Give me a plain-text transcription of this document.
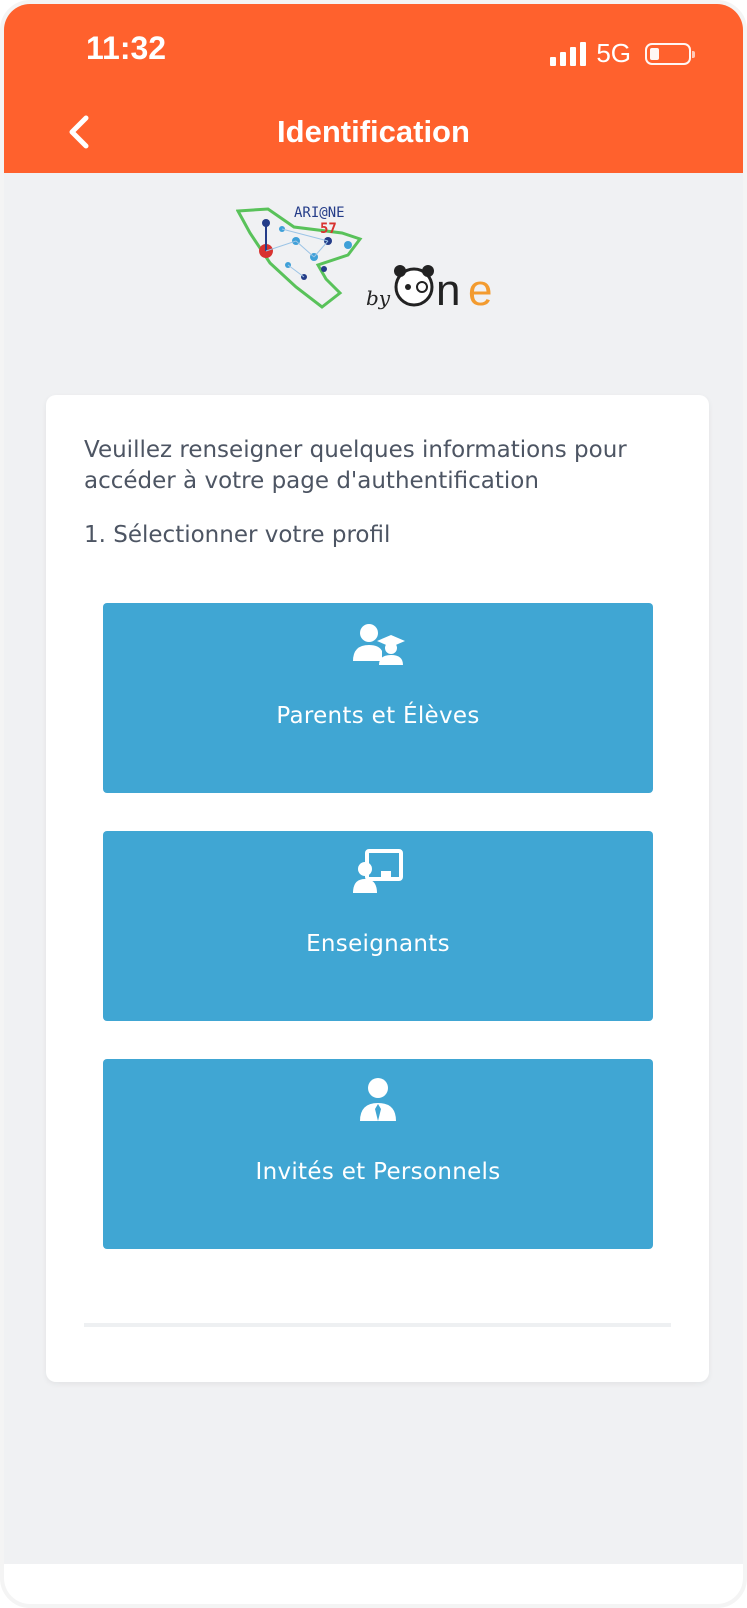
11:32	5G
Identification
ARI@NE
57
by n e
Veuillez renseigner quelques informations pour accéder à votre page d'authentification
1. Sélectionner votre profil
Parents et Élèves
Enseignants
Invités et Personnels
